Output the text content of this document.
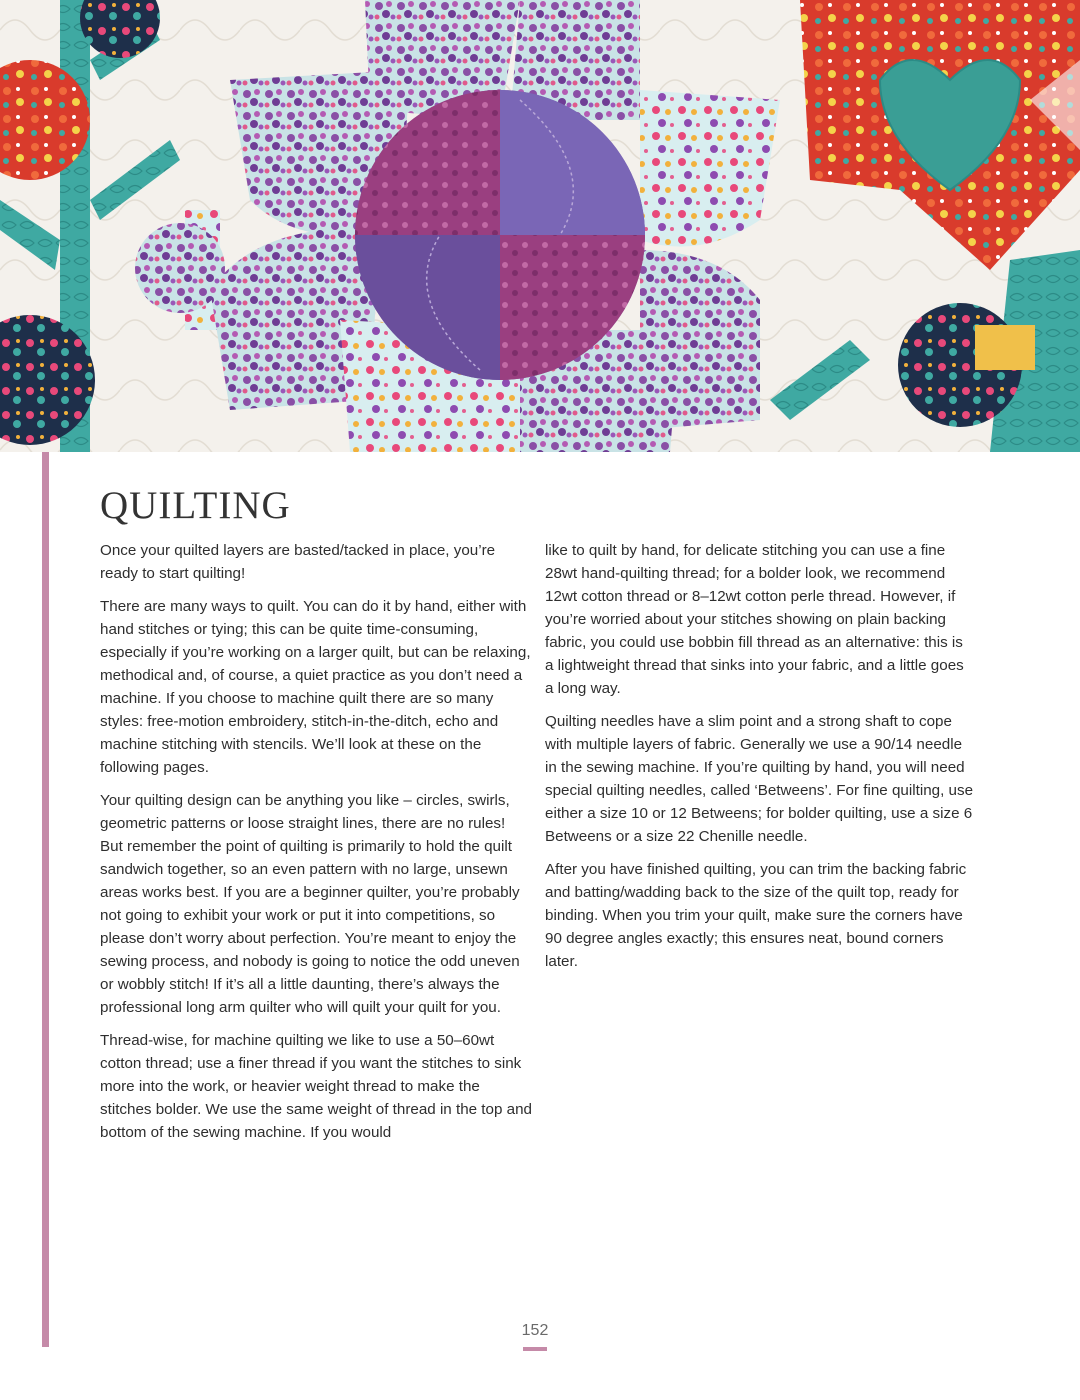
QUILTING

Once your quilted layers are basted/tacked in place, you’re ready to start quilting!

There are many ways to quilt. You can do it by hand, either with hand stitches or tying; this can be quite time-consuming, especially if you’re working on a larger quilt, but can be relaxing, methodical and, of course, a quiet practice as you don’t need a machine. If you choose to machine quilt there are so many styles: free-motion embroidery, stitch-in-the-ditch, echo and machine stitching with stencils. We’ll look at these on the following pages.

Your quilting design can be anything you like – circles, swirls, geometric patterns or loose straight lines, there are no rules! But remember the point of quilting is primarily to hold the quilt sandwich together, so an even pattern with no large, unsewn areas works best. If you are a beginner quilter, you’re probably not going to exhibit your work or put it into competitions, so please don’t worry about perfection. You’re meant to enjoy the sewing process, and nobody is going to notice the odd uneven or wobbly stitch! If it’s all a little daunting, there’s always the professional long arm quilter who will quilt your quilt for you.

Thread-wise, for machine quilting we like to use a 50–60wt cotton thread; use a finer thread if you want the stitches to sink more into the work, or heavier weight thread to make the stitches bolder. We use the same weight of thread in the top and bottom of the sewing machine. If you would

like to quilt by hand, for delicate stitching you can use a fine 28wt hand-quilting thread; for a bolder look, we recommend 12wt cotton thread or 8–12wt cotton perle thread. However, if you’re worried about your stitches showing on plain backing fabric, you could use bobbin fill thread as an alternative: this is a lightweight thread that sinks into your fabric, and a little goes a long way.

Quilting needles have a slim point and a strong shaft to cope with multiple layers of fabric. Generally we use a 90/14 needle in the sewing machine. If you’re quilting by hand, you will need special quilting needles, called ‘Betweens’. For fine quilting, use either a size 10 or 12 Betweens; for bolder quilting, use a size 6 Betweens or a size 22 Chenille needle.

After you have finished quilting, you can trim the backing fabric and batting/wadding back to the size of the quilt top, ready for binding. When you trim your quilt, make sure the corners have 90 degree angles exactly; this ensures neat, bound corners later.

152
